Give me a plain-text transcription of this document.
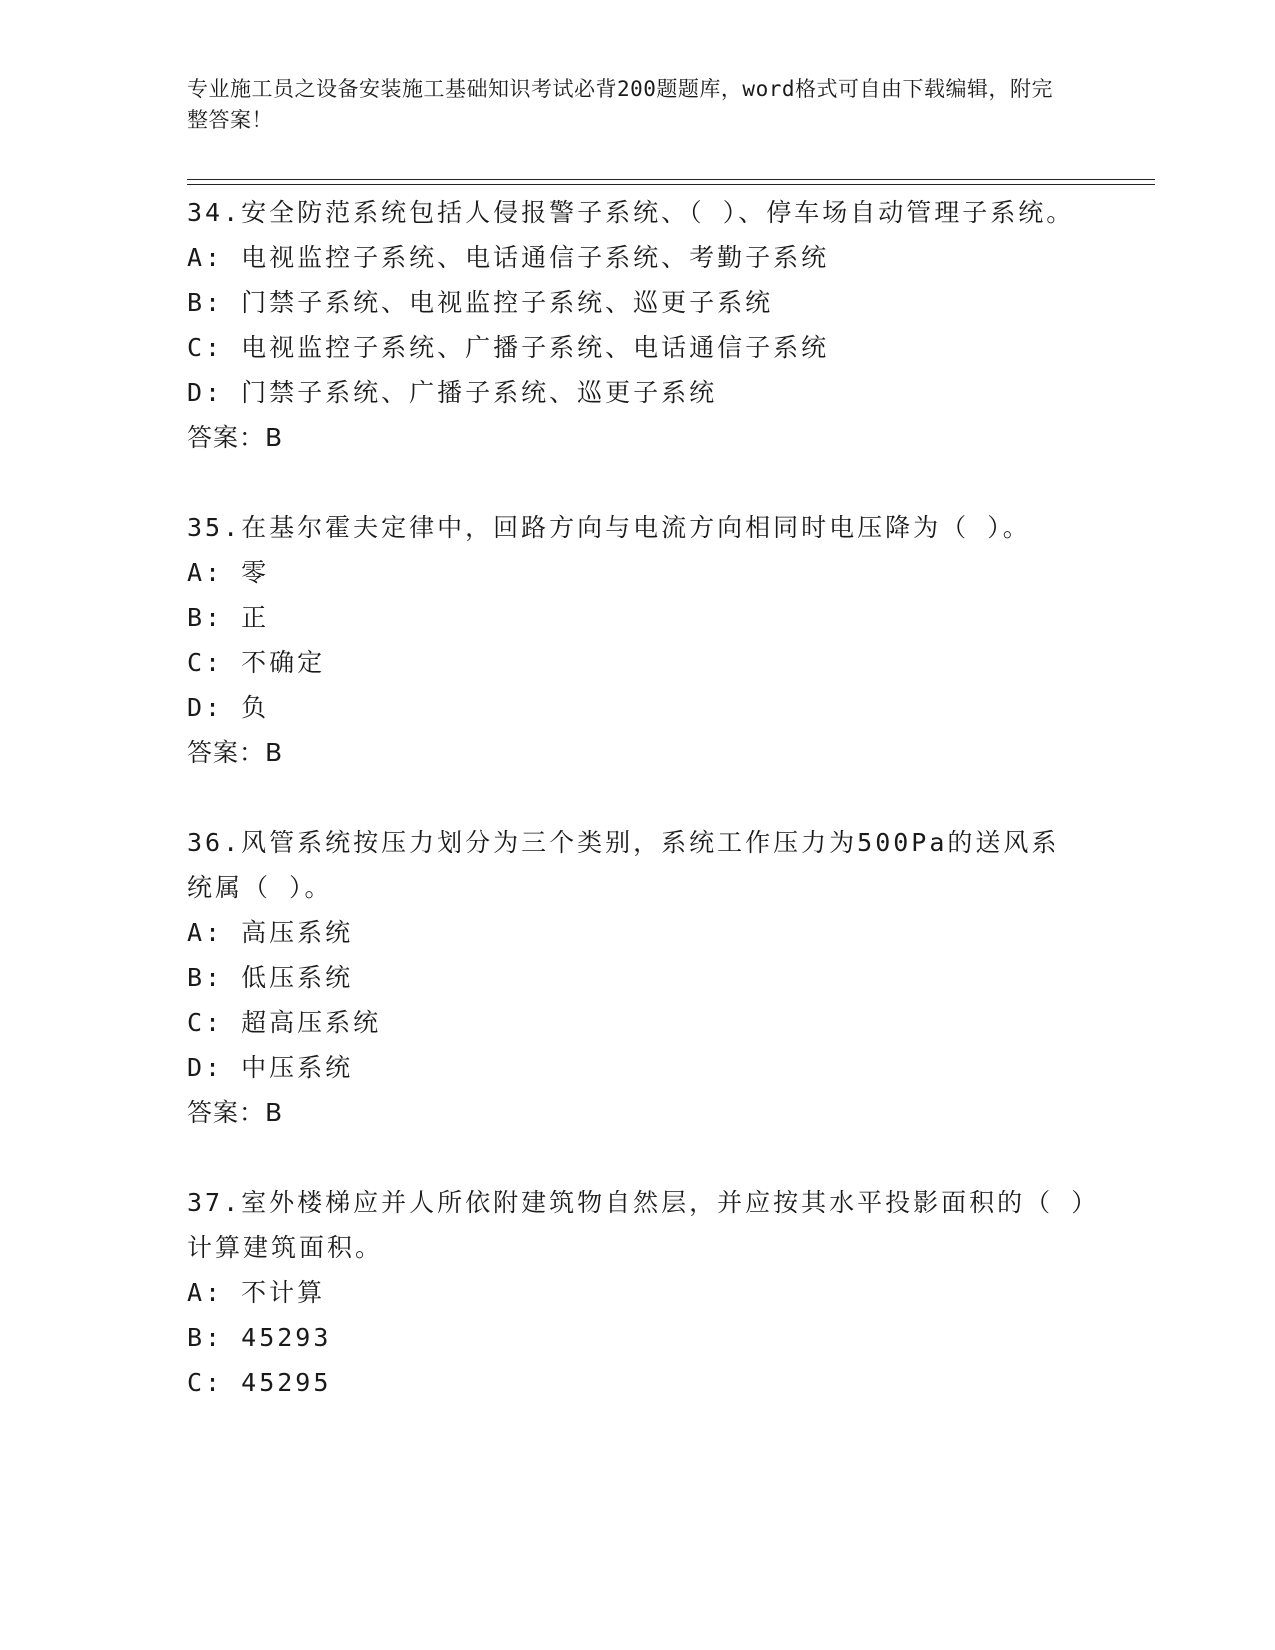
专业施工员之设备安装施工基础知识考试必背200题题库，word格式可自由下载编辑，附完整答案！

34.安全防范系统包括人侵报警子系统、（ ）、停车场自动管理子系统。

A: 电视监控子系统、电话通信子系统、考勤子系统

B: 门禁子系统、电视监控子系统、巡更子系统

C: 电视监控子系统、广播子系统、电话通信子系统

D: 门禁子系统、广播子系统、巡更子系统

答案：B

35.在基尔霍夫定律中，回路方向与电流方向相同时电压降为（ ）。

A: 零

B: 正

C: 不确定

D: 负

答案：B

36.风管系统按压力划分为三个类别，系统工作压力为500Pa的送风系统属（ ）。

A: 高压系统

B: 低压系统

C: 超高压系统

D: 中压系统

答案：B

37.室外楼梯应并人所依附建筑物自然层，并应按其水平投影面积的（ ）计算建筑面积。

A: 不计算

B: 45293

C: 45295
